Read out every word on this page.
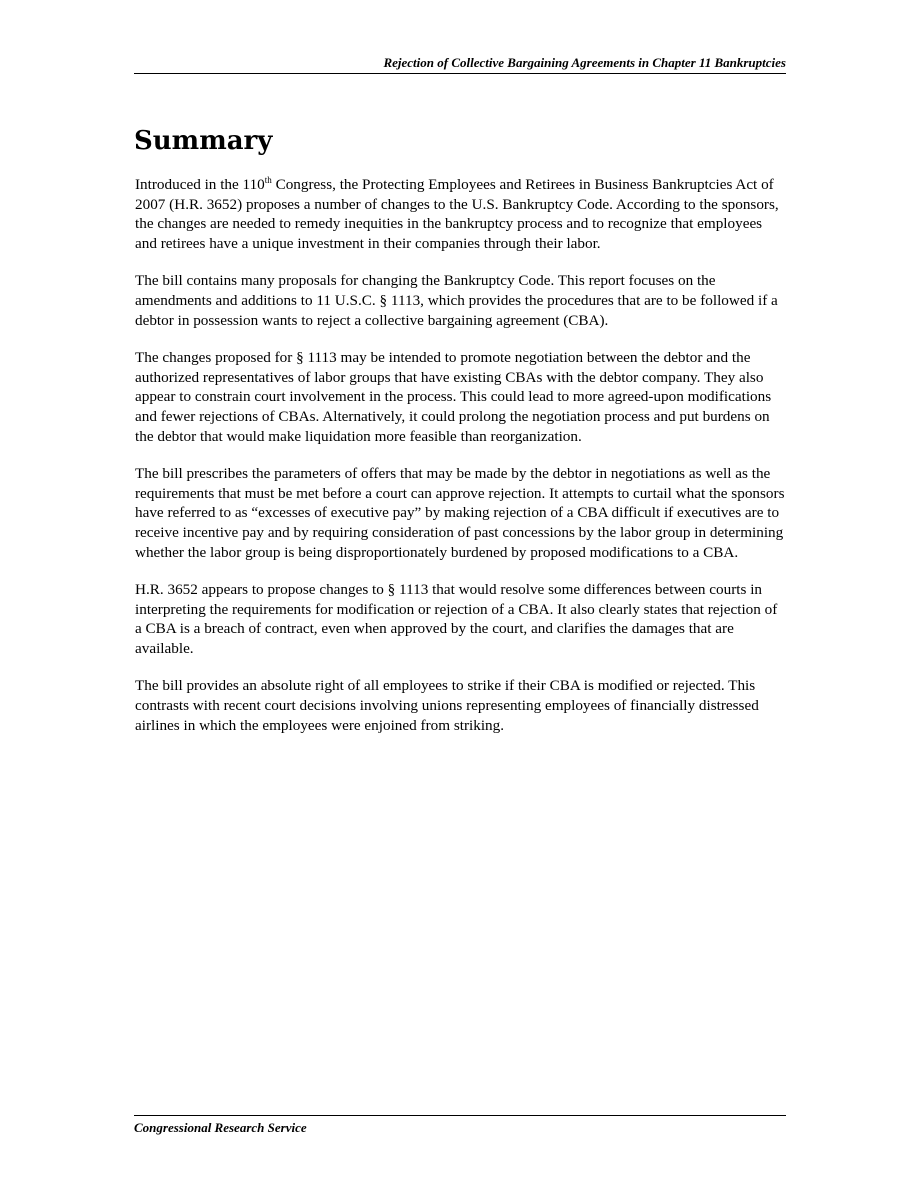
Rejection of Collective Bargaining Agreements in Chapter 11 Bankruptcies
Summary

Introduced in the 110th Congress, the Protecting Employees and Retirees in Business Bankruptcies Act of 2007 (H.R. 3652) proposes a number of changes to the U.S. Bankruptcy Code. According to the sponsors, the changes are needed to remedy inequities in the bankruptcy process and to recognize that employees and retirees have a unique investment in their companies through their labor.

The bill contains many proposals for changing the Bankruptcy Code. This report focuses on the amendments and additions to 11 U.S.C. § 1113, which provides the procedures that are to be followed if a debtor in possession wants to reject a collective bargaining agreement (CBA).

The changes proposed for § 1113 may be intended to promote negotiation between the debtor and the authorized representatives of labor groups that have existing CBAs with the debtor company. They also appear to constrain court involvement in the process. This could lead to more agreed-upon modifications and fewer rejections of CBAs. Alternatively, it could prolong the negotiation process and put burdens on the debtor that would make liquidation more feasible than reorganization.

The bill prescribes the parameters of offers that may be made by the debtor in negotiations as well as the requirements that must be met before a court can approve rejection. It attempts to curtail what the sponsors have referred to as “excesses of executive pay” by making rejection of a CBA difficult if executives are to receive incentive pay and by requiring consideration of past concessions by the labor group in determining whether the labor group is being disproportionately burdened by proposed modifications to a CBA.

H.R. 3652 appears to propose changes to § 1113 that would resolve some differences between courts in interpreting the requirements for modification or rejection of a CBA. It also clearly states that rejection of a CBA is a breach of contract, even when approved by the court, and clarifies the damages that are available.

The bill provides an absolute right of all employees to strike if their CBA is modified or rejected. This contrasts with recent court decisions involving unions representing employees of financially distressed airlines in which the employees were enjoined from striking.

Congressional Research Service
